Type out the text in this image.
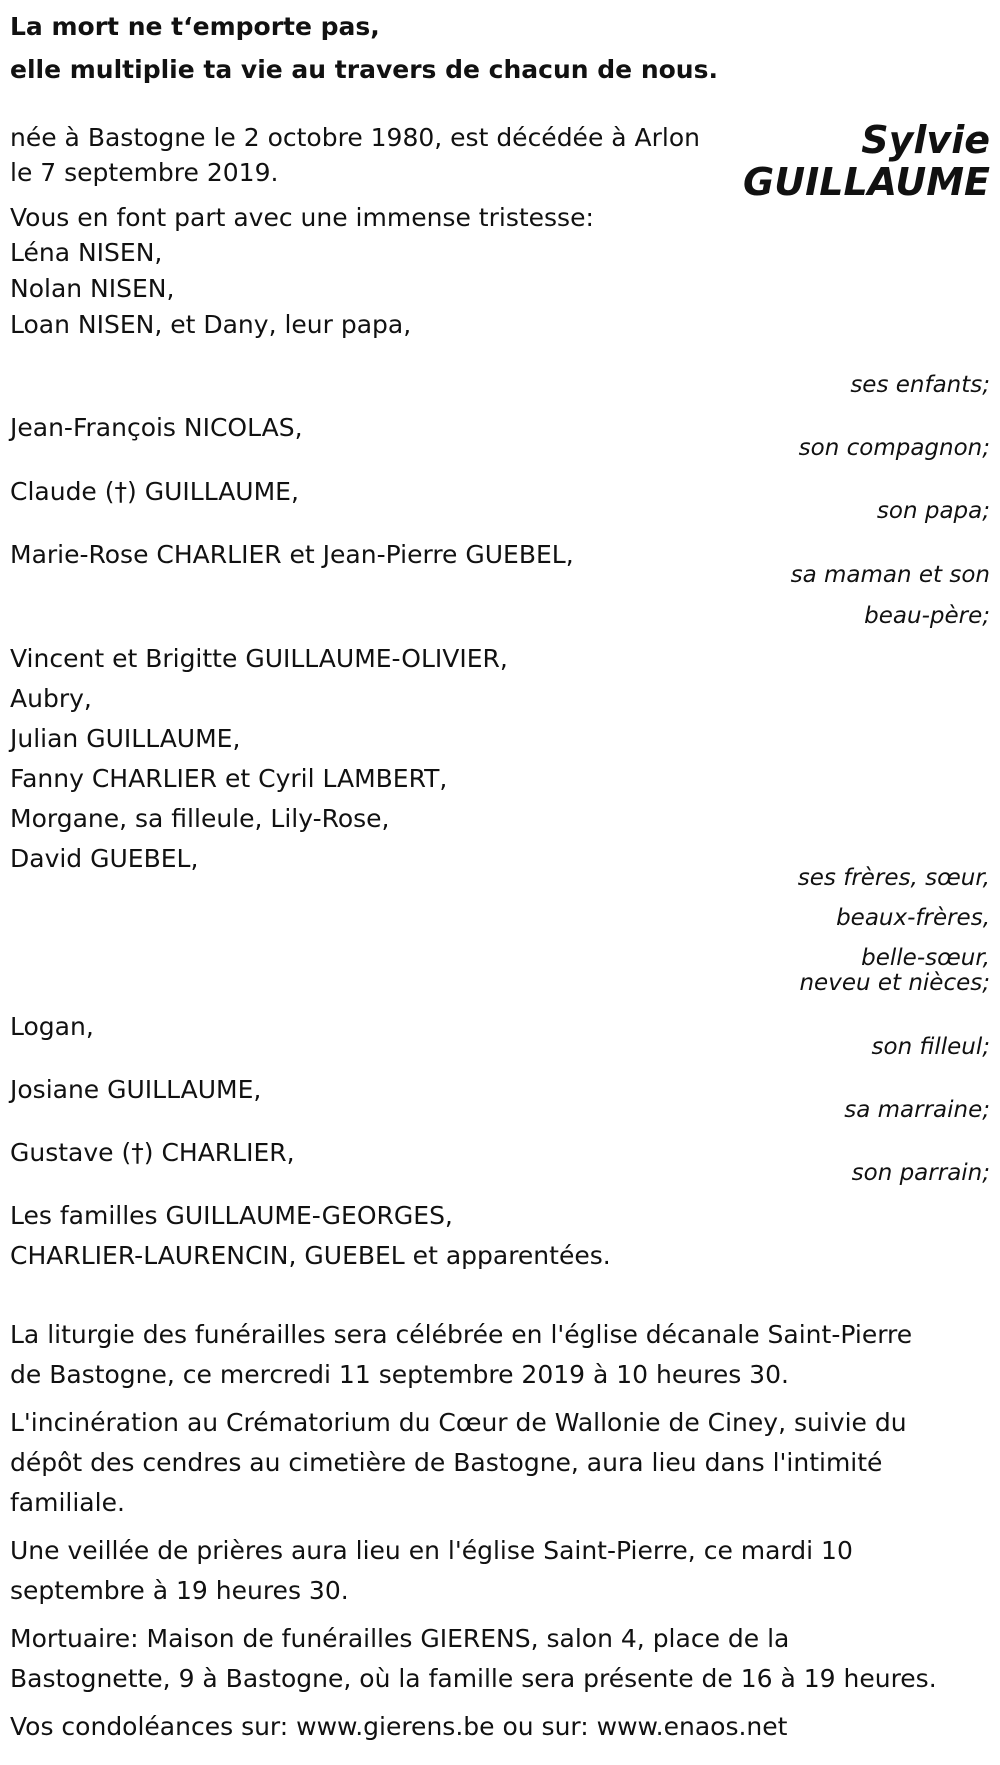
La mort ne t‘emporte pas,
elle multiplie ta vie au travers de chacun de nous.
Sylvie
GUILLAUME
née à Bastogne le 2 octobre 1980, est décédée à Arlon
le 7 septembre 2019.
Vous en font part avec une immense tristesse:
Léna NISEN,
Nolan NISEN,
Loan NISEN, et Dany, leur papa,
ses enfants;
Jean-François NICOLAS,
son compagnon;
Claude (†) GUILLAUME,
son papa;
Marie-Rose CHARLIER et Jean-Pierre GUEBEL,
sa maman et son
beau-père;
Vincent et Brigitte GUILLAUME-OLIVIER,
Aubry,
Julian GUILLAUME,
Fanny CHARLIER et Cyril LAMBERT,
Morgane, sa filleule, Lily-Rose,
David GUEBEL,
ses frères, sœur,
beaux-frères,
belle-sœur,
neveu et nièces;
Logan,
son filleul;
Josiane GUILLAUME,
sa marraine;
Gustave (†) CHARLIER,
son parrain;
Les familles GUILLAUME-GEORGES,
CHARLIER-LAURENCIN, GUEBEL et apparentées.
La liturgie des funérailles sera célébrée en l'église décanale Saint-Pierre
de Bastogne, ce mercredi 11 septembre 2019 à 10 heures 30.
L'incinération au Crématorium du Cœur de Wallonie de Ciney, suivie du
dépôt des cendres au cimetière de Bastogne, aura lieu dans l'intimité
familiale.
Une veillée de prières aura lieu en l'église Saint-Pierre, ce mardi 10
septembre à 19 heures 30.
Mortuaire: Maison de funérailles GIERENS, salon 4, place de la
Bastognette, 9 à Bastogne, où la famille sera présente de 16 à 19 heures.
Vos condoléances sur: www.gierens.be ou sur: www.enaos.net
